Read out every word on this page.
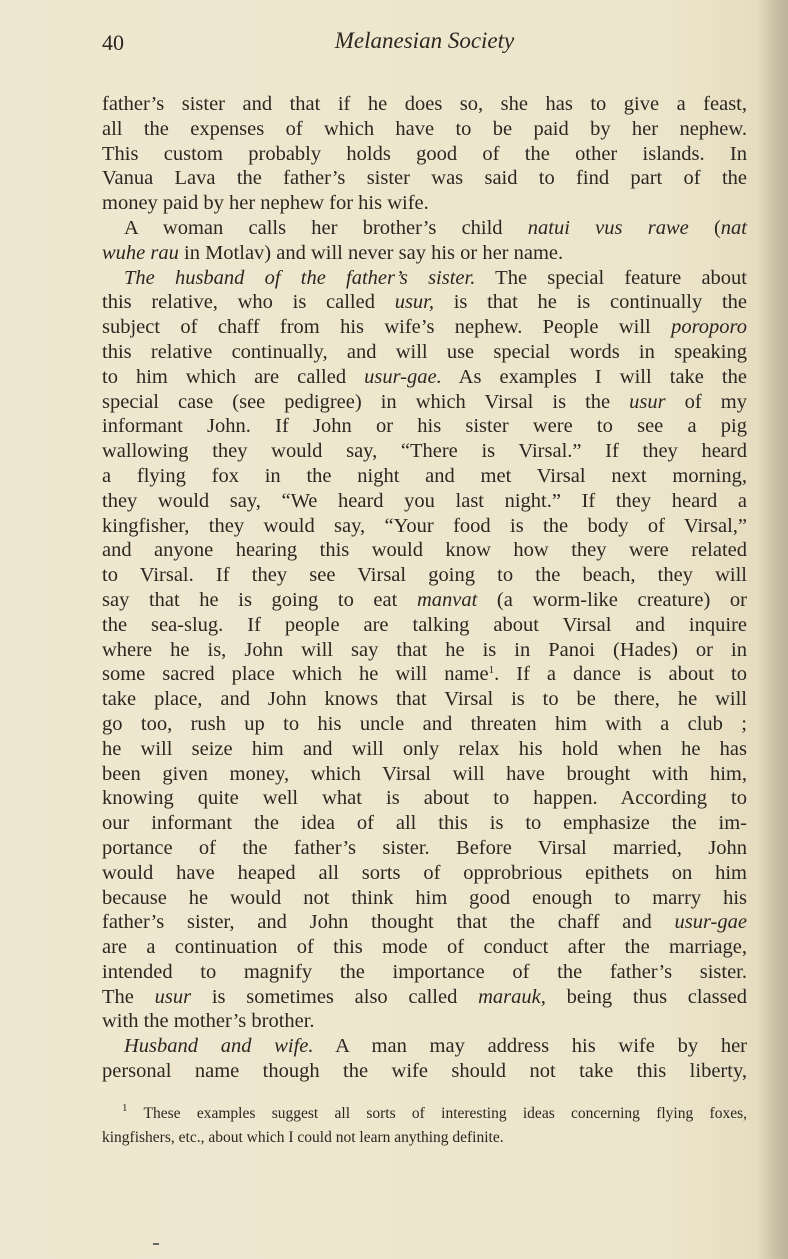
40	Melanesian Society
father’s sister and that if he does so, she has to give a feast,
all the expenses of which have to be paid by her nephew.
This custom probably holds good of the other islands. In
Vanua Lava the father’s sister was said to find part of the
money paid by her nephew for his wife.
A woman calls her brother’s child natui vus rawe (nat
wuhe rau in Motlav) and will never say his or her name.
The husband of the father’s sister. The special feature about
this relative, who is called usur, is that he is continually the
subject of chaff from his wife’s nephew. People will poroporo
this relative continually, and will use special words in speaking
to him which are called usur-gae. As examples I will take the
special case (see pedigree) in which Virsal is the usur of my
informant John. If John or his sister were to see a pig
wallowing they would say, “There is Virsal.” If they heard
a flying fox in the night and met Virsal next morning,
they would say, “We heard you last night.” If they heard a
kingfisher, they would say, “Your food is the body of Virsal,”
and anyone hearing this would know how they were related
to Virsal. If they see Virsal going to the beach, they will
say that he is going to eat manvat (a worm-like creature) or
the sea-slug. If people are talking about Virsal and inquire
where he is, John will say that he is in Panoi (Hades) or in
some sacred place which he will name$^1$. If a dance is about to
take place, and John knows that Virsal is to be there, he will
go too, rush up to his uncle and threaten him with a club ;
he will seize him and will only relax his hold when he has
been given money, which Virsal will have brought with him,
knowing quite well what is about to happen. According to
our informant the idea of all this is to emphasize the im-
portance of the father’s sister. Before Virsal married, John
would have heaped all sorts of opprobrious epithets on him
because he would not think him good enough to marry his
father’s sister, and John thought that the chaff and usur-gae
are a continuation of this mode of conduct after the marriage,
intended to magnify the importance of the father’s sister.
The usur is sometimes also called marauk, being thus classed
with the mother’s brother.
Husband and wife. A man may address his wife by her
personal name though the wife should not take this liberty,
$^1$ These examples suggest all sorts of interesting ideas concerning flying foxes,
kingfishers, etc., about which I could not learn anything definite.
